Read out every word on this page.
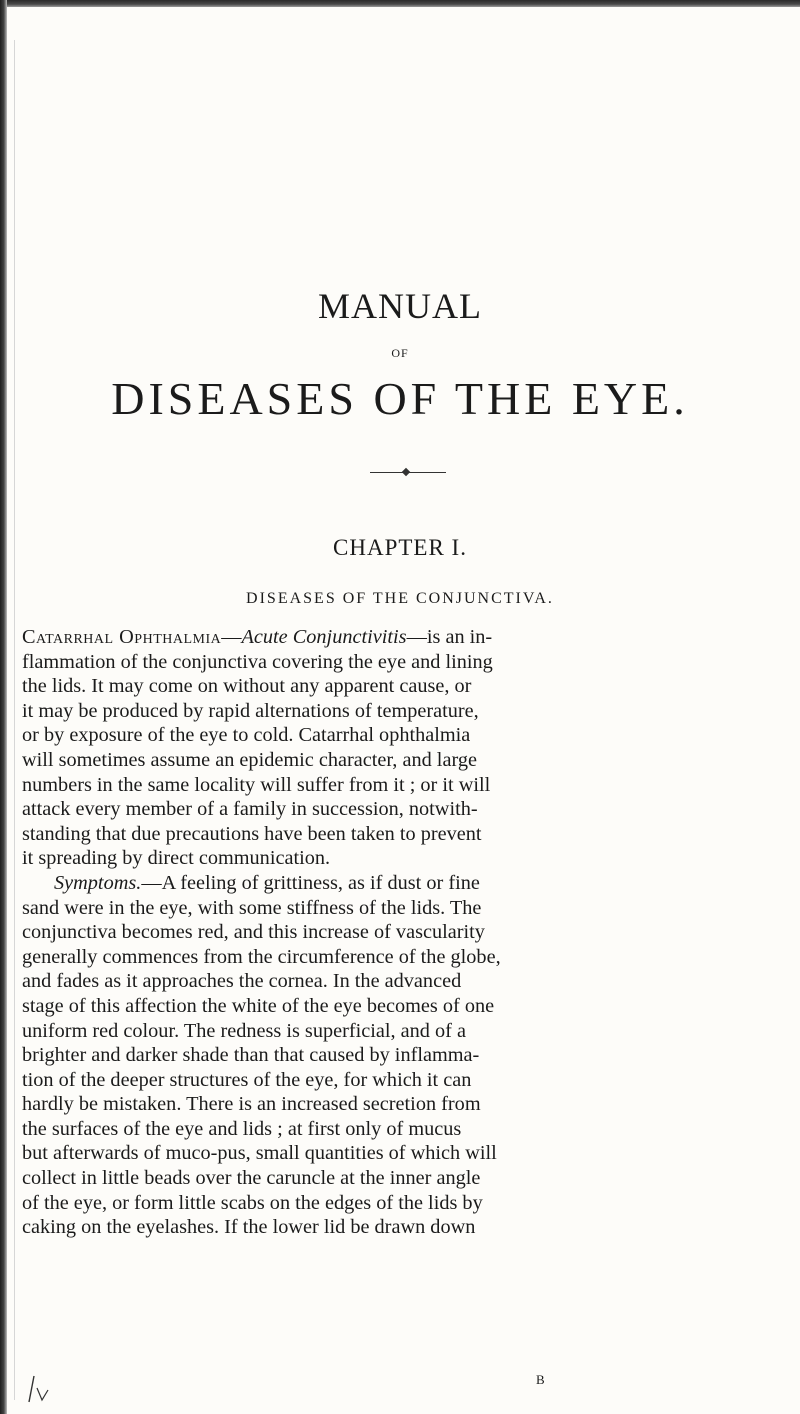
MANUAL
OF
DISEASES OF THE EYE.
CHAPTER I.
DISEASES OF THE CONJUNCTIVA.
Catarrhal Ophthalmia—Acute Conjunctivitis—is an in-
flammation of the conjunctiva covering the eye and lining
the lids. It may come on without any apparent cause, or
it may be produced by rapid alternations of temperature,
or by exposure of the eye to cold. Catarrhal ophthalmia
will sometimes assume an epidemic character, and large
numbers in the same locality will suffer from it ; or it will
attack every member of a family in succession, notwith-
standing that due precautions have been taken to prevent
it spreading by direct communication.
Symptoms.—A feeling of grittiness, as if dust or fine
sand were in the eye, with some stiffness of the lids. The
conjunctiva becomes red, and this increase of vascularity
generally commences from the circumference of the globe,
and fades as it approaches the cornea. In the advanced
stage of this affection the white of the eye becomes of one
uniform red colour. The redness is superficial, and of a
brighter and darker shade than that caused by inflamma-
tion of the deeper structures of the eye, for which it can
hardly be mistaken. There is an increased secretion from
the surfaces of the eye and lids ; at first only of mucus
but afterwards of muco-pus, small quantities of which will
collect in little beads over the caruncle at the inner angle
of the eye, or form little scabs on the edges of the lids by
caking on the eyelashes. If the lower lid be drawn down
B
